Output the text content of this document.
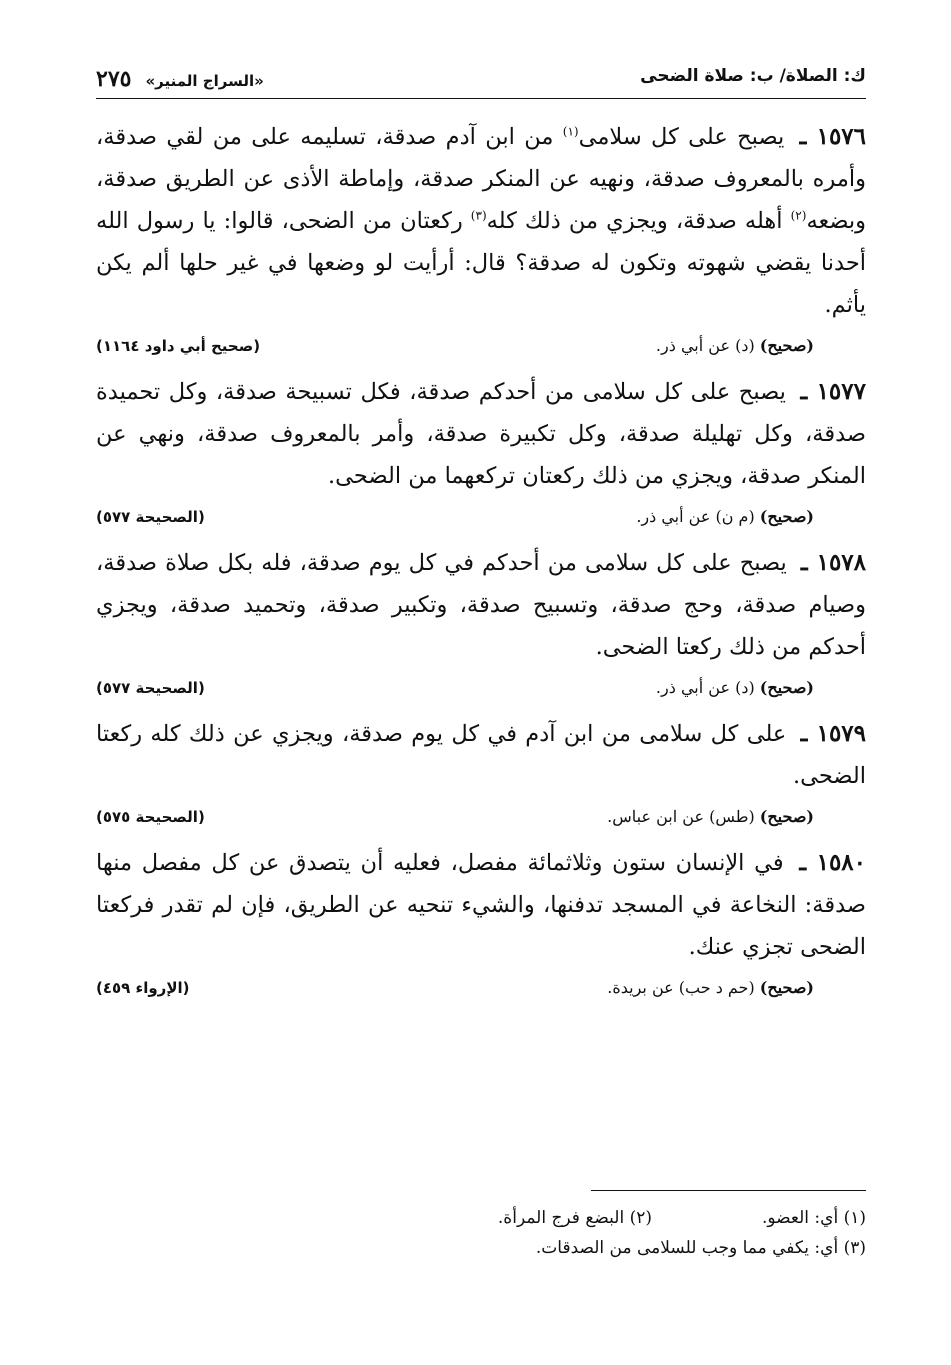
ك: الصلاة/ ب: صلاة الضحى
٢٧٥ «السراج المنير»
١٥٧٦ ـ يصبح على كل سلامى$^{(١)}$ من ابن آدم صدقة، تسليمه على من لقي صدقة، وأمره بالمعروف صدقة، ونهيه عن المنكر صدقة، وإماطة الأذى عن الطريق صدقة، وبضعه$^{(٢)}$ أهله صدقة، ويجزي من ذلك كله$^{(٣)}$ ركعتان من الضحى، قالوا: يا رسول الله أحدنا يقضي شهوته وتكون له صدقة؟ قال: أرأيت لو وضعها في غير حلها ألم يكن يأثم.
(صحيح) (د) عن أبي ذر.
(صحيح أبي داود ١١٦٤)
١٥٧٧ ـ يصبح على كل سلامى من أحدكم صدقة، فكل تسبيحة صدقة، وكل تحميدة صدقة، وكل تهليلة صدقة، وكل تكبيرة صدقة، وأمر بالمعروف صدقة، ونهي عن المنكر صدقة، ويجزي من ذلك ركعتان تركعهما من الضحى.
(صحيح) (م ن) عن أبي ذر.
(الصحيحة ٥٧٧)
١٥٧٨ ـ يصبح على كل سلامى من أحدكم في كل يوم صدقة، فله بكل صلاة صدقة، وصيام صدقة، وحج صدقة، وتسبيح صدقة، وتكبير صدقة، وتحميد صدقة، ويجزي أحدكم من ذلك ركعتا الضحى.
(صحيح) (د) عن أبي ذر.
(الصحيحة ٥٧٧)
١٥٧٩ ـ على كل سلامى من ابن آدم في كل يوم صدقة، ويجزي عن ذلك كله ركعتا الضحى.
(صحيح) (طس) عن ابن عباس.
(الصحيحة ٥٧٥)
١٥٨٠ ـ في الإنسان ستون وثلاثمائة مفصل، فعليه أن يتصدق عن كل مفصل منها صدقة: النخاعة في المسجد تدفنها، والشيء تنحيه عن الطريق، فإن لم تقدر فركعتا الضحى تجزي عنك.
(صحيح) (حم د حب) عن بريدة.
(الإرواء ٤٥٩)
(١) أي: العضو.
(٢) البضع فرج المرأة.
(٣) أي: يكفي مما وجب للسلامى من الصدقات.
